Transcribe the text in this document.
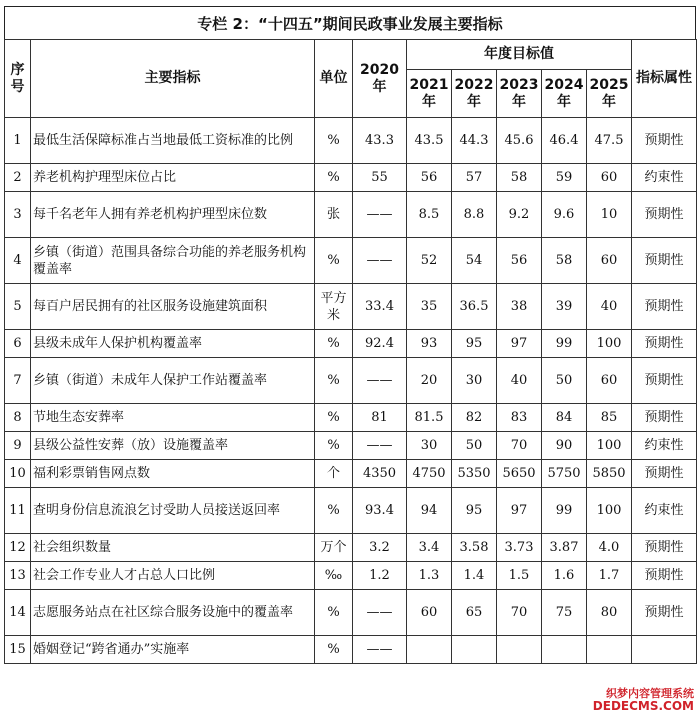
专栏 2：“十四五”期间民政事业发展主要指标
序号	主要指标	单位	2020 年	年度目标值					指标属性
				2021 年	2022 年	2023 年	2024 年	2025 年	
1	最低生活保障标准占当地最低工资标准的比例	%	43.3	43.5	44.3	45.6	46.4	47.5	预期性
2	养老机构护理型床位占比	%	55	56	57	58	59	60	约束性
3	每千名老年人拥有养老机构护理型床位数	张	——	8.5	8.8	9.2	9.6	10	预期性
4	乡镇（街道）范围具备综合功能的养老服务机构覆盖率	%	——	52	54	56	58	60	预期性
5	每百户居民拥有的社区服务设施建筑面积	平方米	33.4	35	36.5	38	39	40	预期性
6	县级未成年人保护机构覆盖率	%	92.4	93	95	97	99	100	预期性
7	乡镇（街道）未成年人保护工作站覆盖率	%	——	20	30	40	50	60	预期性
8	节地生态安葬率	%	81	81.5	82	83	84	85	预期性
9	县级公益性安葬（放）设施覆盖率	%	——	30	50	70	90	100	约束性
10	福利彩票销售网点数	个	4350	4750	5350	5650	5750	5850	预期性
11	查明身份信息流浪乞讨受助人员接送返回率	%	93.4	94	95	97	99	100	约束性
12	社会组织数量	万个	3.2	3.4	3.58	3.73	3.87	4.0	预期性
13	社会工作专业人才占总人口比例	‰	1.2	1.3	1.4	1.5	1.6	1.7	预期性
14	志愿服务站点在社区综合服务设施中的覆盖率	%	——	60	65	70	75	80	预期性
15	婚姻登记“跨省通办”实施率	%	——						
织梦内容管理系统
DEDECMS.COM
